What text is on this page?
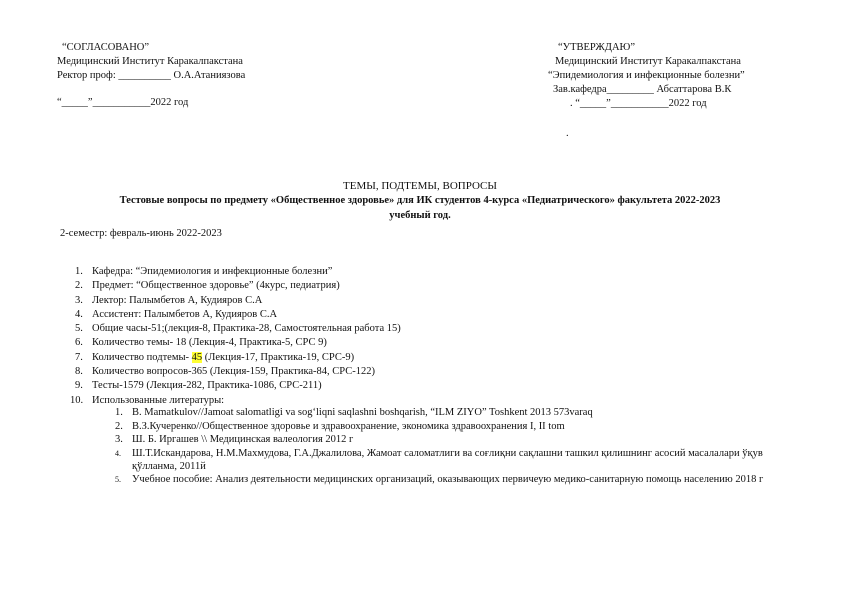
“СОГЛАСОВАНО”
Медицинский Институт Каракалпакстана
Ректор проф: __________ О.А.Атаниязова
“_____”___________2022 год
“УТВЕРЖДАЮ”
Медицинский Институт Каракалпакстана
“Эпидемиология и инфекционные болезни”
Зав.кафедра_________ Абсаттарова В.К
. “_____”___________2022 год
.
ТЕМЫ, ПОДТЕМЫ, ВОПРОСЫ
Тестовые вопросы по предмету «Общественное здоровье» для ИК студентов 4-курса «Педиатрического» факультета 2022-2023
учебный год.
2-семестр: февраль-июнь 2022-2023
1. Кафедра: “Эпидемиология и инфекционные болезни”
2. Предмет: “Общественное здоровье” (4курс, педиатрия)
3. Лектор: Палымбетов А, Кудияров С.А
4. Ассистент: Палымбетов А, Кудияров С.А
5. Общие часы-51;(лекция-8, Практика-28, Самостоятельная работа 15)
6. Количество темы- 18 (Лекция-4, Практика-5, СРС 9)
7. Количество подтемы- 45 (Лекция-17, Практика-19, СРС-9)
8. Количество вопросов-365 (Лекция-159, Практика-84, СРС-122)
9. Тесты-1579 (Лекция-282, Практика-1086, СРС-211)
10. Использованные литературы:
1. B. Mamatkulov//Jamoat salomatligi va sog‘liqni saqlashni boshqarish, “ILM ZIYO” Toshkent 2013 573varaq
2. В.З.Кучеренко//Общественное здоровье и здравоохранение, экономика здравоохранения I, II tom
3. Ш. Б. Иргашев \\ Медицинская валеология 2012 г
4. Ш.Т.Искандарова, Н.М.Махмудова, Г.А.Джалилова, Жамоат саломатлиги ва соғлиқни сақлашни ташкил қилишнинг асосий масалалари ўқув қўлланма, 2011й
5. Учебное пособие: Анализ деятельности медицинских организаций, оказывающих первичеую медико-санитарную помощь населению 2018 г
